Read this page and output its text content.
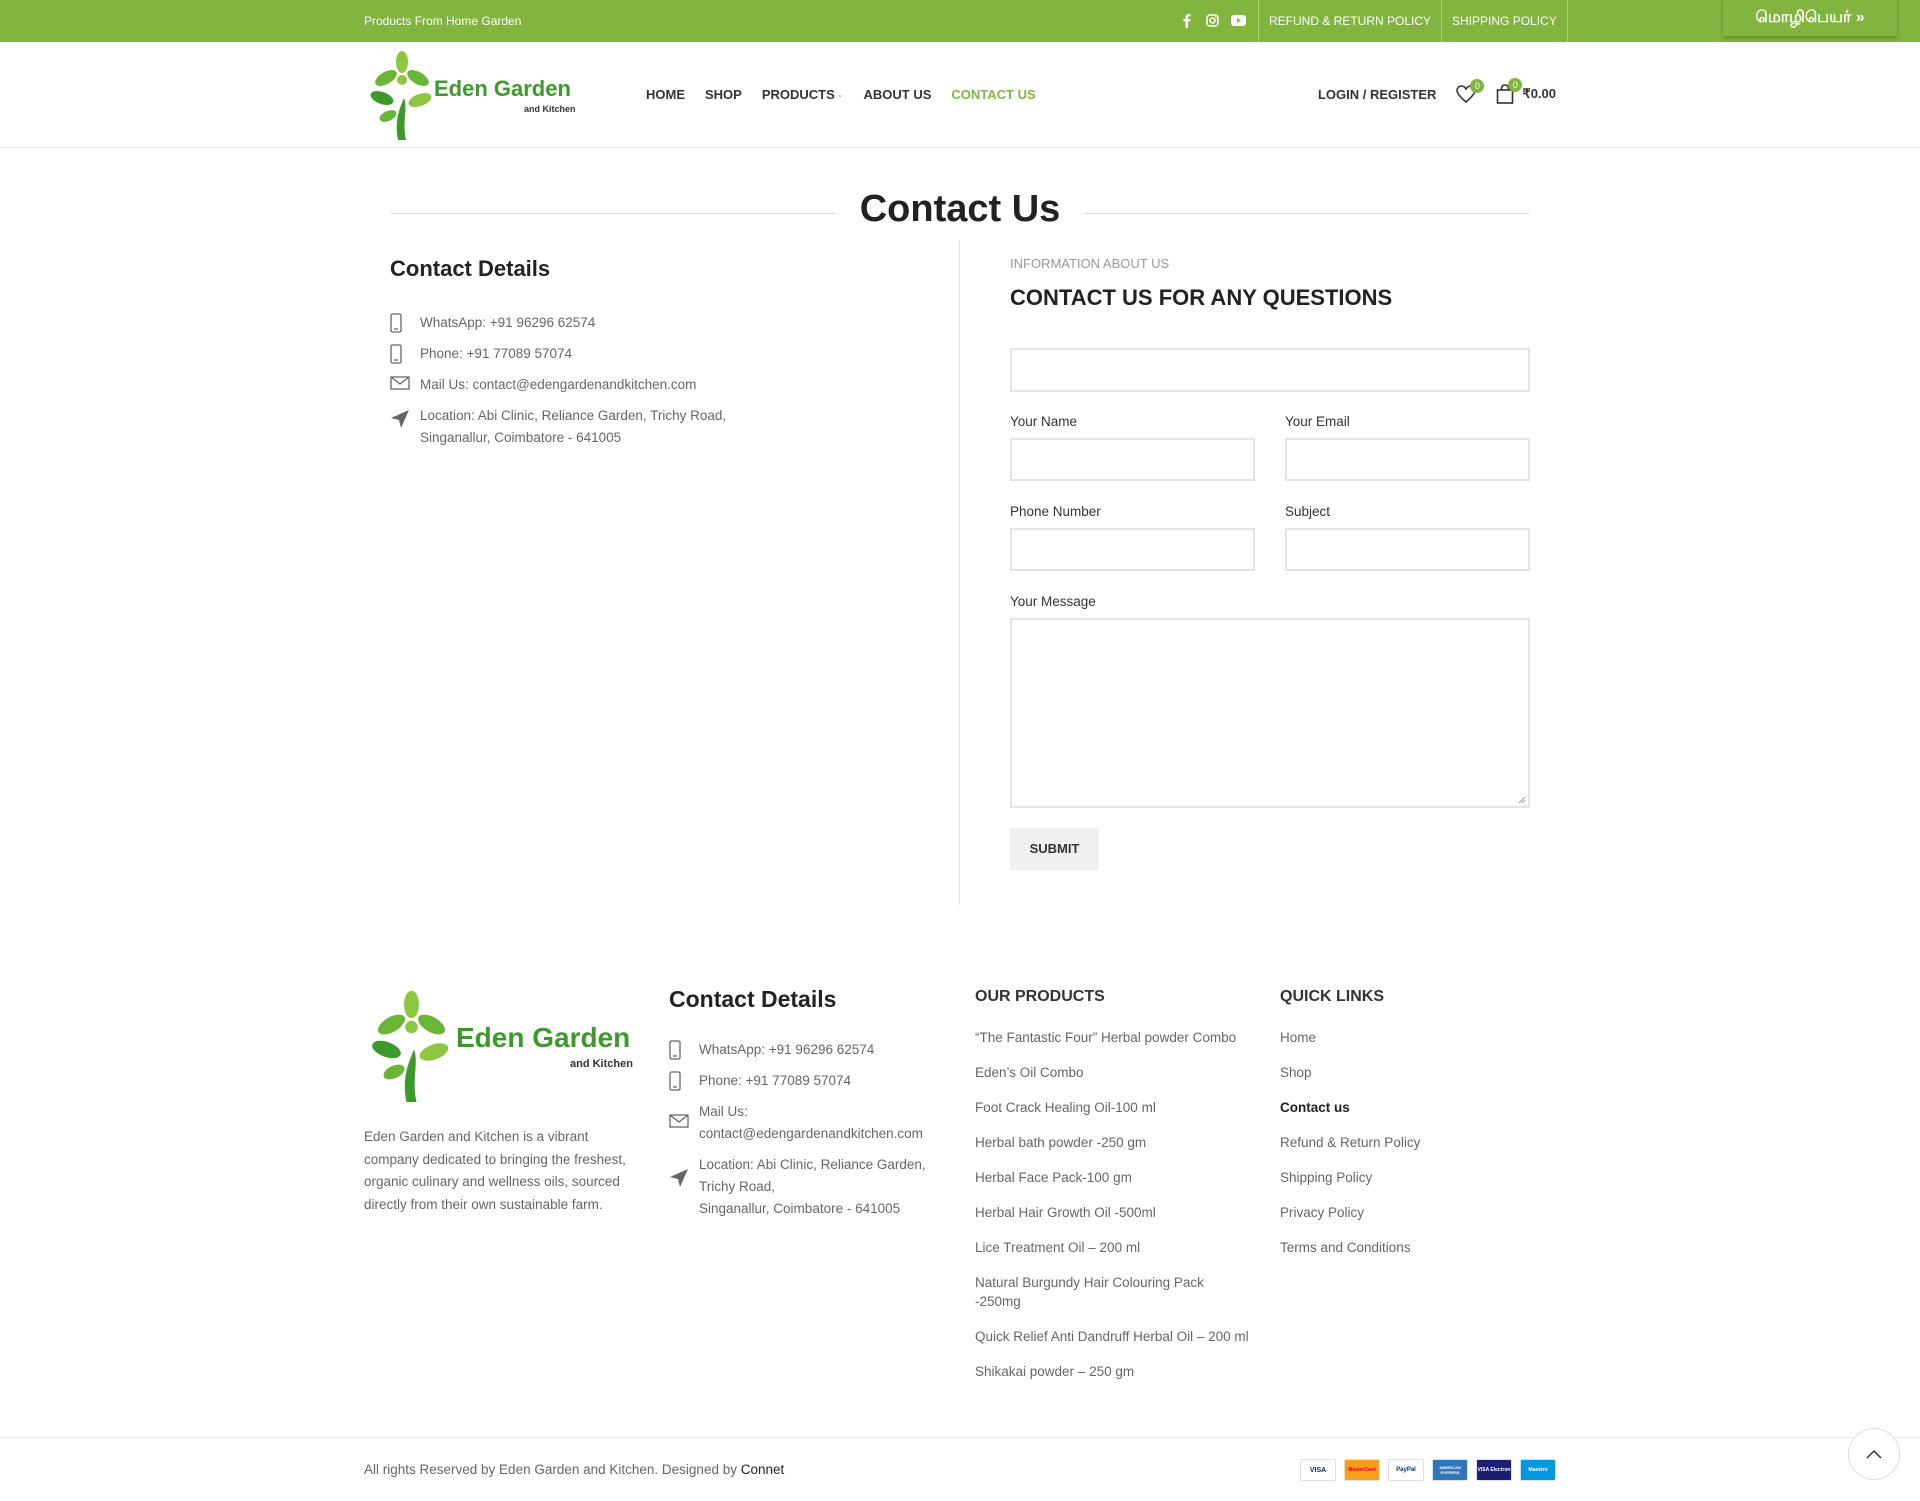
Products From Home Garden	REFUND & RETURN POLICY	SHIPPING POLICY	மொழிபெயர் »
Eden Garden
and Kitchen
HOME SHOP PRODUCTS ⌄ ABOUT US CONTACT US	LOGIN / REGISTER
0	0
₹0.00
Contact Us
Contact Details
WhatsApp: +91 96296 62574
Phone: +91 77089 57074
Mail Us: contact@edengardenandkitchen.com
Location: Abi Clinic, Reliance Garden, Trichy Road,
Singanallur, Coimbatore - 641005
INFORMATION ABOUT US
CONTACT US FOR ANY QUESTIONS
Your Name	Your Email
Phone Number	Subject
Your Message
SUBMIT
Eden Garden
and Kitchen

Eden Garden and Kitchen is a vibrant company dedicated to bringing the freshest, organic culinary and wellness oils, sourced directly from their own sustainable farm.

Contact Details
WhatsApp: +91 96296 62574
Phone: +91 77089 57074
Mail Us:
contact@edengardenandkitchen.com
Location: Abi Clinic, Reliance Garden,
Trichy Road,
Singanallur, Coimbatore - 641005
OUR PRODUCTS
“The Fantastic Four” Herbal powder Combo
Eden’s Oil Combo
Foot Crack Healing Oil-100 ml
Herbal bath powder -250 gm
Herbal Face Pack-100 gm
Herbal Hair Growth Oil -500ml
Lice Treatment Oil – 200 ml
Natural Burgundy Hair Colouring Pack -250mg
Quick Relief Anti Dandruff Herbal Oil – 200 ml
Shikakai powder – 250 gm
QUICK LINKS
Home
Shop
Contact us
Refund & Return Policy
Shipping Policy
Privacy Policy
Terms and Conditions
All rights Reserved by Eden Garden and Kitchen. Designed by Connet	VISA	MasterCard	PayPal	AMERICAN EXPRESS	VISA Electron	Maestro
